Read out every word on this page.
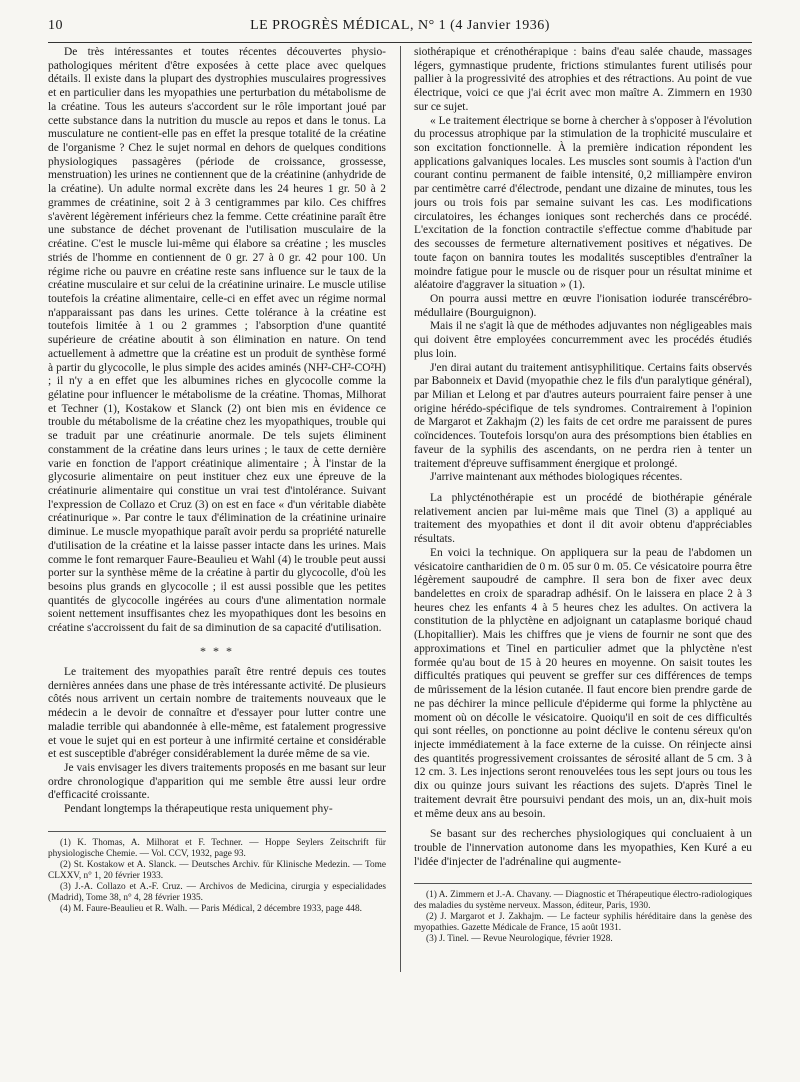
10	LE PROGRÈS MÉDICAL, N° 1 (4 Janvier 1936)

De très intéressantes et toutes récentes découvertes physio-pathologiques méritent d'être exposées à cette place avec quelques détails. Il existe dans la plupart des dystrophies musculaires progressives et en particulier dans les myopathies une perturbation du métabolisme de la créatine. Tous les auteurs s'accordent sur le rôle important joué par cette substance dans la nutrition du muscle au repos et dans le tonus. La musculature ne contient-elle pas en effet la presque totalité de la créatine de l'organisme ? Chez le sujet normal en dehors de quelques conditions physiologiques passagères (période de croissance, grossesse, menstruation) les urines ne contiennent que de la créatinine (anhydride de la créatine). Un adulte normal excrète dans les 24 heures 1 gr. 50 à 2 grammes de créatinine, soit 2 à 3 centigrammes par kilo. Ces chiffres s'avèrent légèrement inférieurs chez la femme. Cette créatinine paraît être une substance de déchet provenant de l'utilisation musculaire de la créatine. C'est le muscle lui-même qui élabore sa créatine ; les muscles striés de l'homme en contiennent de 0 gr. 27 à 0 gr. 42 pour 100. Un régime riche ou pauvre en créatine reste sans influence sur le taux de la créatine musculaire et sur celui de la créatinine urinaire. Le muscle utilise toutefois la créatine alimentaire, celle-ci en effet avec un régime normal n'apparaissant pas dans les urines. Cette tolérance à la créatine est toutefois limitée à 1 ou 2 grammes ; l'absorption d'une quantité supérieure de créatine aboutit à son élimination en nature. On tend actuellement à admettre que la créatine est un produit de synthèse formé à partir du glycocolle, le plus simple des acides aminés (NH²-CH²-CO²H) ; il n'y a en effet que les albumines riches en glycocolle comme la gélatine pour influencer le métabolisme de la créatine. Thomas, Milhorat et Techner (1), Kostakow et Slanck (2) ont bien mis en évidence ce trouble du métabolisme de la créatine chez les myopathiques, trouble qui se traduit par une créatinurie anormale. De tels sujets éliminent constamment de la créatine dans leurs urines ; le taux de cette dernière varie en fonction de l'apport créatinique alimentaire ; À l'instar de la glycosurie alimentaire on peut instituer chez eux une épreuve de la créatinurie alimentaire qui constitue un vrai test d'intolérance. Suivant l'expression de Collazo et Cruz (3) on est en face « d'un véritable diabète créatinurique ». Par contre le taux d'élimination de la créatinine urinaire diminue. Le muscle myopathique paraît avoir perdu sa propriété naturelle d'utilisation de la créatine et la laisse passer intacte dans les urines. Mais comme le font remarquer Faure-Beaulieu et Wahl (4) le trouble peut aussi porter sur la synthèse même de la créatine à partir du glycocolle, d'où les besoins plus grands en glycocolle ; il est aussi possible que les petites quantités de glycocolle ingérées au cours d'une alimentation normale soient nettement insuffisantes chez les myopathiques dont les besoins en créatine s'accroissent du fait de sa diminution de sa capacité d'utilisation.

* * *

Le traitement des myopathies paraît être rentré depuis ces toutes dernières années dans une phase de très intéressante activité. De plusieurs côtés nous arrivent un certain nombre de traitements nouveaux que le médecin a le devoir de connaître et d'essayer pour lutter contre une maladie terrible qui abandonnée à elle-même, est fatalement progressive et voue le sujet qui en est porteur à une infirmité certaine et considérable et est susceptible d'abréger considérablement la durée même de sa vie.

Je vais envisager les divers traitements proposés en me basant sur leur ordre chronologique d'apparition qui me semble être aussi leur ordre d'efficacité croissante.

Pendant longtemps la thérapeutique resta uniquement phy-

(1) K. Thomas, A. Milhorat et F. Techner. — Hoppe Seylers Zeitschrift für physiologische Chemie. — Vol. CCV, 1932, page 93.

(2) St. Kostakow et A. Slanck. — Deutsches Archiv. für Klinische Medezin. — Tome CLXXV, n° 1, 20 février 1933.

(3) J.-A. Collazo et A.-F. Cruz. — Archivos de Medicina, cirurgia y especialidades (Madrid), Tome 38, n° 4, 28 février 1935.

(4) M. Faure-Beaulieu et R. Walh. — Paris Médical, 2 décembre 1933, page 448.

siothérapique et crénothérapique : bains d'eau salée chaude, massages légers, gymnastique prudente, frictions stimulantes furent utilisés pour pallier à la progressivité des atrophies et des rétractions. Au point de vue électrique, voici ce que j'ai écrit avec mon maître A. Zimmern en 1930 sur ce sujet.

« Le traitement électrique se borne à chercher à s'opposer à l'évolution du processus atrophique par la stimulation de la trophicité musculaire et son excitation fonctionnelle. À la première indication répondent les applications galvaniques locales. Les muscles sont soumis à l'action d'un courant continu permanent de faible intensité, 0,2 milliampère environ par centimètre carré d'électrode, pendant une dizaine de minutes, tous les jours ou trois fois par semaine suivant les cas. Les modifications circulatoires, les échanges ioniques sont recherchés dans ce procédé. L'excitation de la fonction contractile s'effectue comme d'habitude par des secousses de fermeture alternativement positives et négatives. De toute façon on bannira toutes les modalités susceptibles d'entraîner la moindre fatigue pour le muscle ou de risquer pour un résultat minime et aléatoire d'aggraver la situation » (1).

On pourra aussi mettre en œuvre l'ionisation iodurée transcérébro-médullaire (Bourguignon).

Mais il ne s'agit là que de méthodes adjuvantes non négligeables mais qui doivent être employées concurremment avec les procédés étudiés plus loin.

J'en dirai autant du traitement antisyphilitique. Certains faits observés par Babonneix et David (myopathie chez le fils d'un paralytique général), par Milian et Lelong et par d'autres auteurs pourraient faire penser à une origine hérédo-spécifique de tels syndromes. Contrairement à l'opinion de Margarot et Zakhajm (2) les faits de cet ordre me paraissent de pures coïncidences. Toutefois lorsqu'on aura des présomptions bien établies en faveur de la syphilis des ascendants, on ne perdra rien à tenter un traitement d'épreuve suffisamment énergique et prolongé.

J'arrive maintenant aux méthodes biologiques récentes.

La phlycténothérapie est un procédé de biothérapie générale relativement ancien par lui-même mais que Tinel (3) a appliqué au traitement des myopathies et dont il dit avoir obtenu d'appréciables résultats.

En voici la technique. On appliquera sur la peau de l'abdomen un vésicatoire cantharidien de 0 m. 05 sur 0 m. 05. Ce vésicatoire pourra être légèrement saupoudré de camphre. Il sera bon de fixer avec deux bandelettes en croix de sparadrap adhésif. On le laissera en place 2 à 3 heures chez les enfants 4 à 5 heures chez les adultes. On activera la constitution de la phlyctène en adjoignant un cataplasme boriqué chaud (Lhopitallier). Mais les chiffres que je viens de fournir ne sont que des approximations et Tinel en particulier admet que la phlyctène n'est formée qu'au bout de 15 à 20 heures en moyenne. On saisit toutes les difficultés pratiques qui peuvent se greffer sur ces différences de temps de mûrissement de la lésion cutanée. Il faut encore bien prendre garde de ne pas déchirer la mince pellicule d'épiderme qui forme la phlyctène au moment où on décolle le vésicatoire. Quoiqu'il en soit de ces difficultés qui sont réelles, on ponctionne au point déclive le contenu séreux qu'on injecte immédiatement à la face externe de la cuisse. On réinjecte ainsi des quantités progressivement croissantes de sérosité allant de 5 cm. 3 à 12 cm. 3. Les injections seront renouvelées tous les sept jours ou tous les dix ou quinze jours suivant les réactions des sujets. D'après Tinel le traitement devrait être poursuivi pendant des mois, un an, dix-huit mois et même deux ans au besoin.

Se basant sur des recherches physiologiques qui concluaient à un trouble de l'innervation autonome dans les myopathies, Ken Kuré a eu l'idée d'injecter de l'adrénaline qui augmente-

(1) A. Zimmern et J.-A. Chavany. — Diagnostic et Thérapeutique électro-radiologiques des maladies du système nerveux. Masson, éditeur, Paris, 1930.

(2) J. Margarot et J. Zakhajm. — Le facteur syphilis héréditaire dans la genèse des myopathies. Gazette Médicale de France, 15 août 1931.

(3) J. Tinel. — Revue Neurologique, février 1928.
